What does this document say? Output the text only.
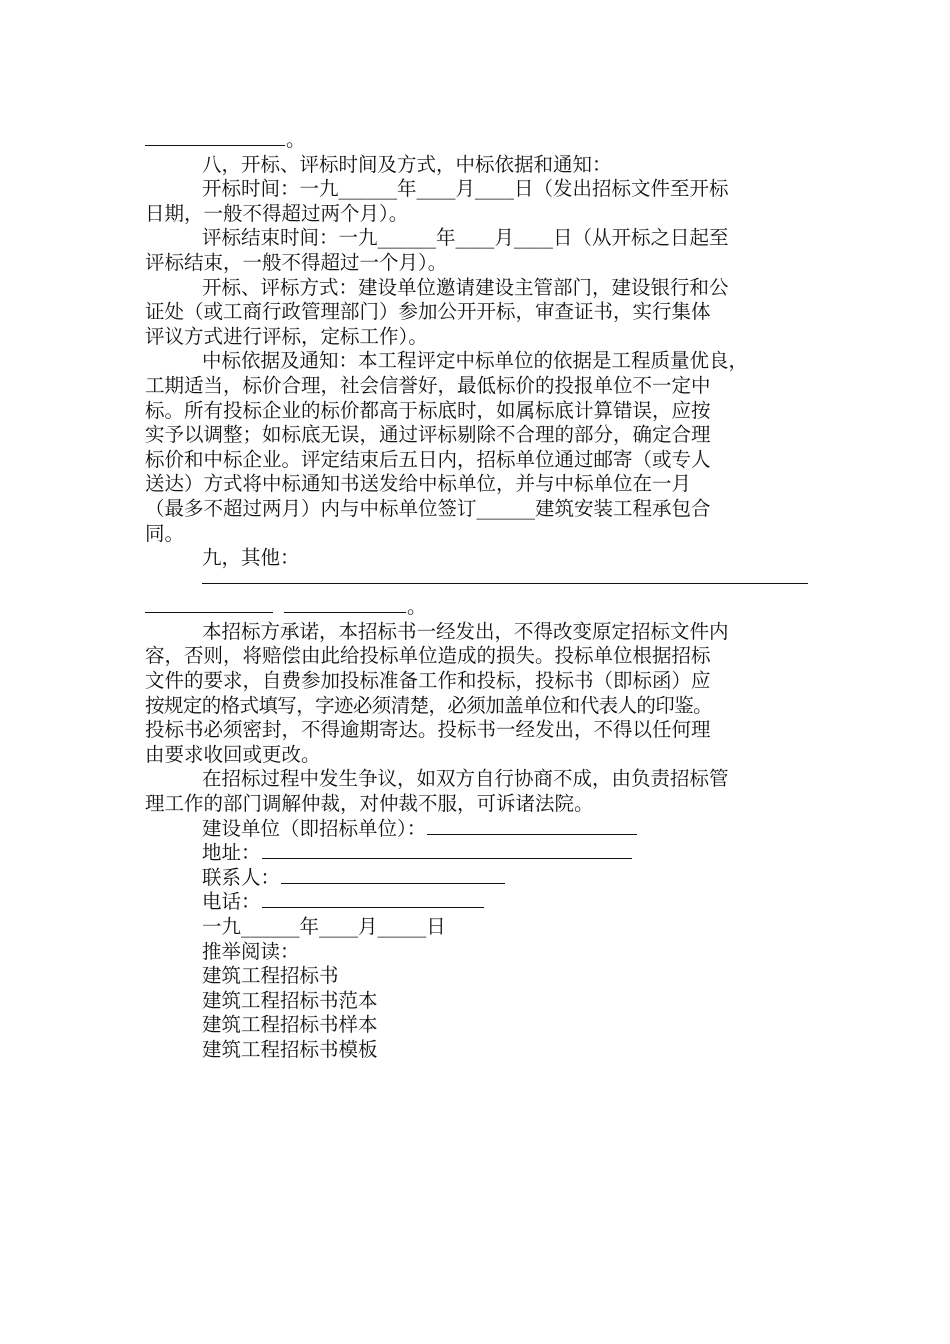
。
八，开标、评标时间及方式，中标依据和通知：
开标时间：一九______年____月____日（发出招标文件至开标
日期，一般不得超过两个月）。
评标结束时间：一九______年____月____日（从开标之日起至
评标结束，一般不得超过一个月）。
开标、评标方式：建设单位邀请建设主管部门，建设银行和公
证处（或工商行政管理部门）参加公开开标，审查证书，实行集体
评议方式进行评标，定标工作）。
中标依据及通知：本工程评定中标单位的依据是工程质量优良，
工期适当，标价合理，社会信誉好，最低标价的投报单位不一定中
标。所有投标企业的标价都高于标底时，如属标底计算错误，应按
实予以调整；如标底无误，通过评标剔除不合理的部分，确定合理
标价和中标企业。评定结束后五日内，招标单位通过邮寄（或专人
送达）方式将中标通知书送发给中标单位，并与中标单位在一月
（最多不超过两月）内与中标单位签订______建筑安装工程承包合
同。
九，其他：
。
本招标方承诺，本招标书一经发出，不得改变原定招标文件内
容，否则，将赔偿由此给投标单位造成的损失。投标单位根据招标
文件的要求，自费参加投标准备工作和投标，投标书（即标函）应
按规定的格式填写，字迹必须清楚，必须加盖单位和代表人的印鉴。
投标书必须密封，不得逾期寄达。投标书一经发出，不得以任何理
由要求收回或更改。
在招标过程中发生争议，如双方自行协商不成，由负责招标管
理工作的部门调解仲裁，对仲裁不服，可诉诸法院。
建设单位（即招标单位）：
地址：
联系人：
电话：
一九______年____月_____日
推举阅读：
建筑工程招标书
建筑工程招标书范本
建筑工程招标书样本
建筑工程招标书模板
